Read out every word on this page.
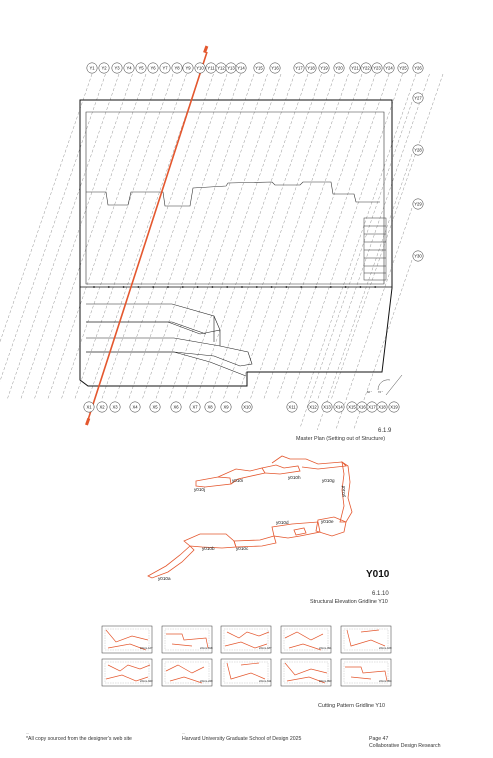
82 ° 72 °
Y1 Y2 Y3 Y4 Y5 Y6 Y7 Y8 Y9 Y10 Y11 Y12 Y13 Y14	Y15 Y16	Y17 Y18 Y19 Y20 Y21 Y22 Y23 Y24 Y25 Y26
Y27
Y28
Y29
Y30
X1 X2 X3	X4	X5	X6	X7 X8	X9	X10	X11	X12 X13 X14 X15 X16 X17 X18 X19
6.1.9
Master Plan (Setting out of Structure)
y010j
y010i
y010h
y010g
y010f
y010d	y010e
y010b	y010c
y010a	Y010
6.1.10
Structural Elevation Gridline Y10
22mm-127	22mm-818	22mm-187	22mm-091	22mm-109
22mm-943	22mm-249	22mm-611	22mm-893	22mm-054
Cutting Pattern Gridline Y10
...
*All copy sourced from the designer's web site
...
Harvard University Graduate School of Design 2025	Page 47
Collaborative Design Research
